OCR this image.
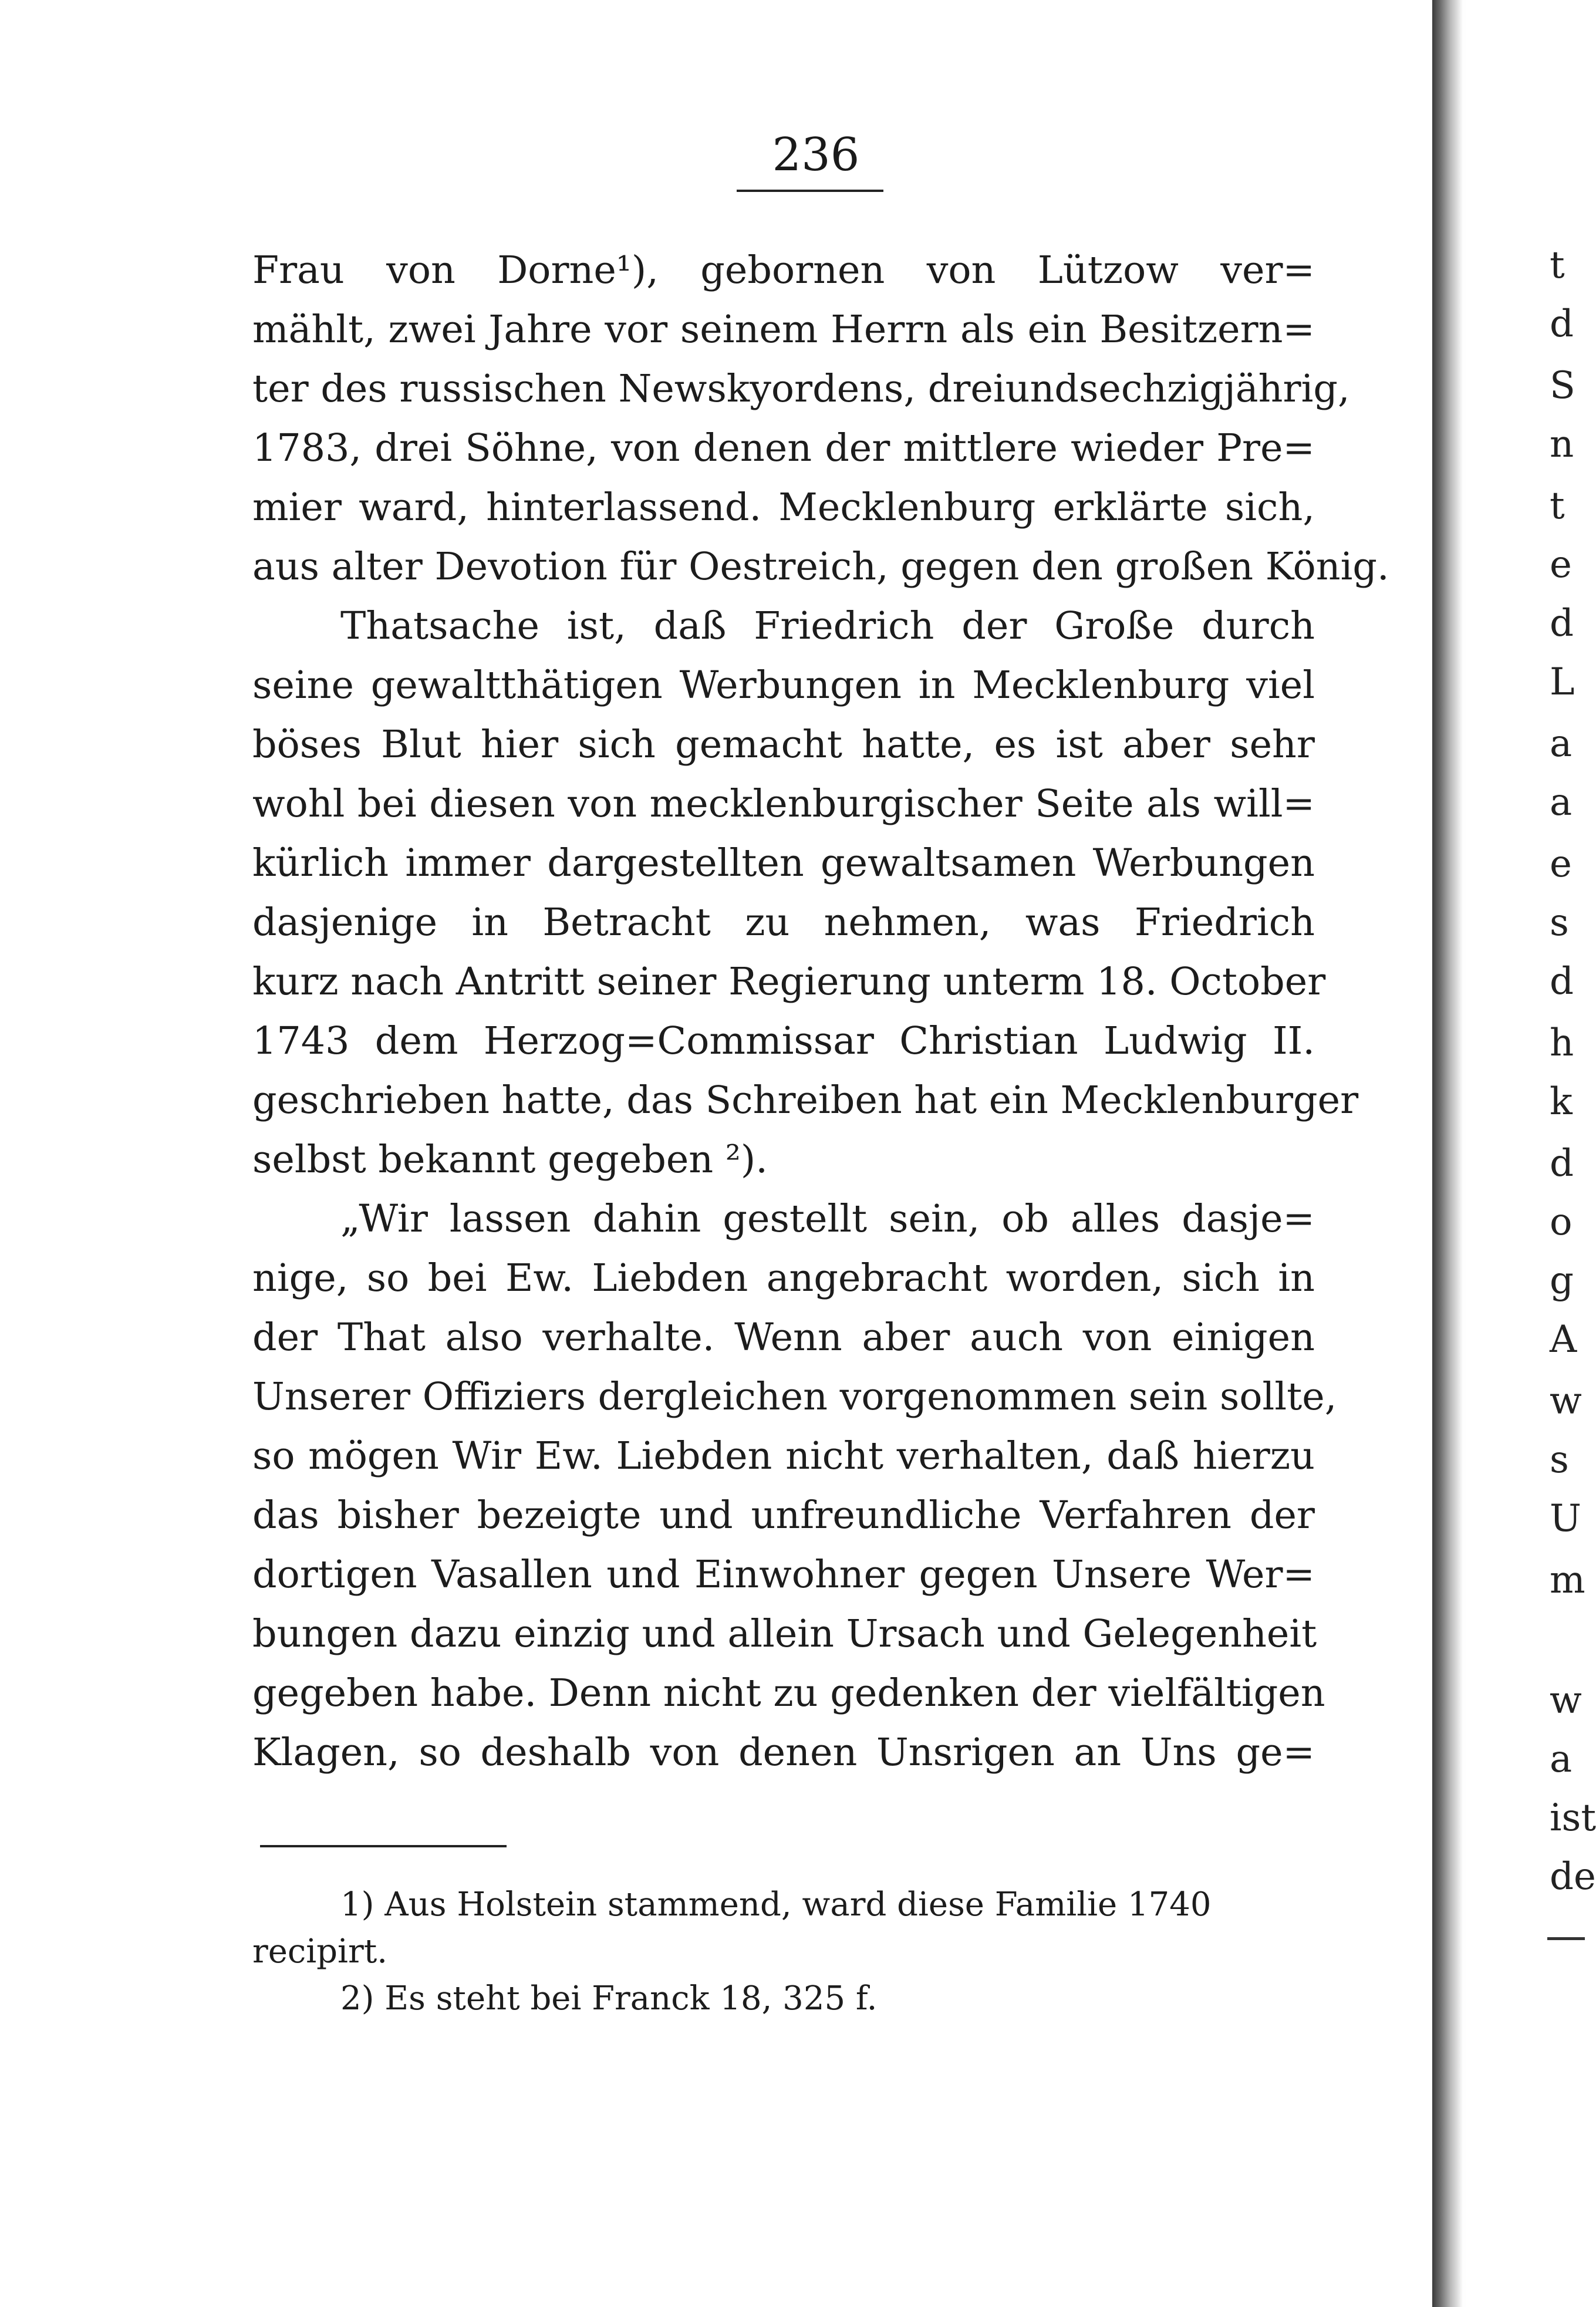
t
d
S
n
t
e
d
L
a
a
e
s
d
h
k
d
o
g
A
w
s
U
m
w
a
ist
de
236
Frau von Dorne¹), gebornen von Lützow ver=
mählt, zwei Jahre vor seinem Herrn als ein Besitzern=
ter des russischen Newskyordens, dreiundsechzigjährig,
1783, drei Söhne, von denen der mittlere wieder Pre=
mier ward, hinterlassend. Mecklenburg erklärte sich,
aus alter Devotion für Oestreich, gegen den großen König.
Thatsache ist, daß Friedrich der Große durch
seine gewaltthätigen Werbungen in Mecklenburg viel
böses Blut hier sich gemacht hatte, es ist aber sehr
wohl bei diesen von mecklenburgischer Seite als will=
kürlich immer dargestellten gewaltsamen Werbungen
dasjenige in Betracht zu nehmen, was Friedrich
kurz nach Antritt seiner Regierung unterm 18. October
1743 dem Herzog=Commissar Christian Ludwig II.
geschrieben hatte, das Schreiben hat ein Mecklenburger
selbst bekannt gegeben ²).
„Wir lassen dahin gestellt sein, ob alles dasje=
nige, so bei Ew. Liebden angebracht worden, sich in
der That also verhalte. Wenn aber auch von einigen
Unserer Offiziers dergleichen vorgenommen sein sollte,
so mögen Wir Ew. Liebden nicht verhalten, daß hierzu
das bisher bezeigte und unfreundliche Verfahren der
dortigen Vasallen und Einwohner gegen Unsere Wer=
bungen dazu einzig und allein Ursach und Gelegenheit
gegeben habe. Denn nicht zu gedenken der vielfältigen
Klagen, so deshalb von denen Unsrigen an Uns ge=
1) Aus Holstein stammend, ward diese Familie 1740
recipirt.
2) Es steht bei Franck 18, 325 f.
